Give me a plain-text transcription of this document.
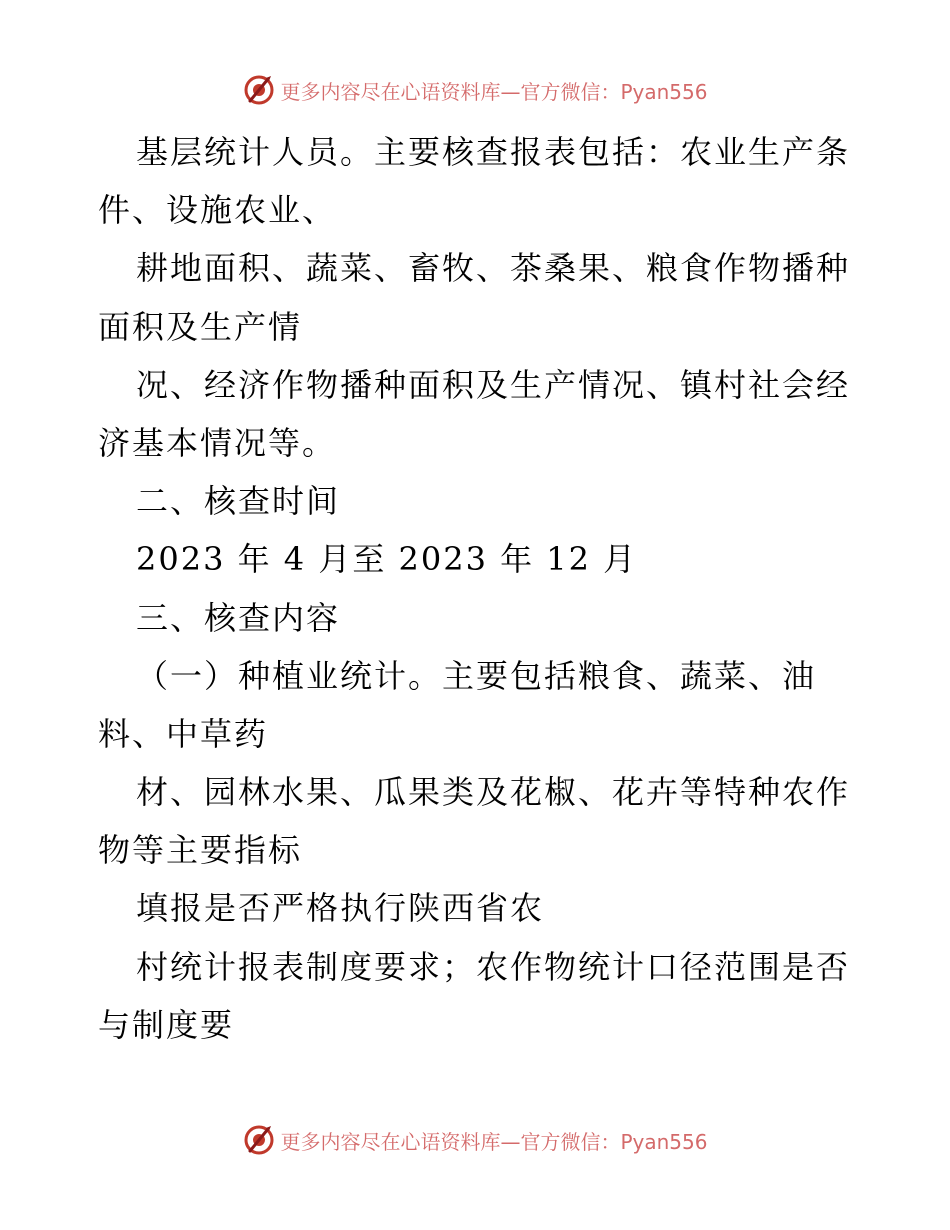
更多内容尽在心语资料库—官方微信：Pyan556
基层统计人员。主要核查报表包括：农业生产条
件、设施农业、
耕地面积、蔬菜、畜牧、茶桑果、粮食作物播种
面积及生产情
况、经济作物播种面积及生产情况、镇村社会经
济基本情况等。
二、核查时间
2023 年 4 月至 2023 年 12 月
三、核查内容
（一）种植业统计。主要包括粮食、蔬菜、油
料、中草药
材、园林水果、瓜果类及花椒、花卉等特种农作
物等主要指标
填报是否严格执行陕西省农
村统计报表制度要求；农作物统计口径范围是否
与制度要
更多内容尽在心语资料库—官方微信：Pyan556
